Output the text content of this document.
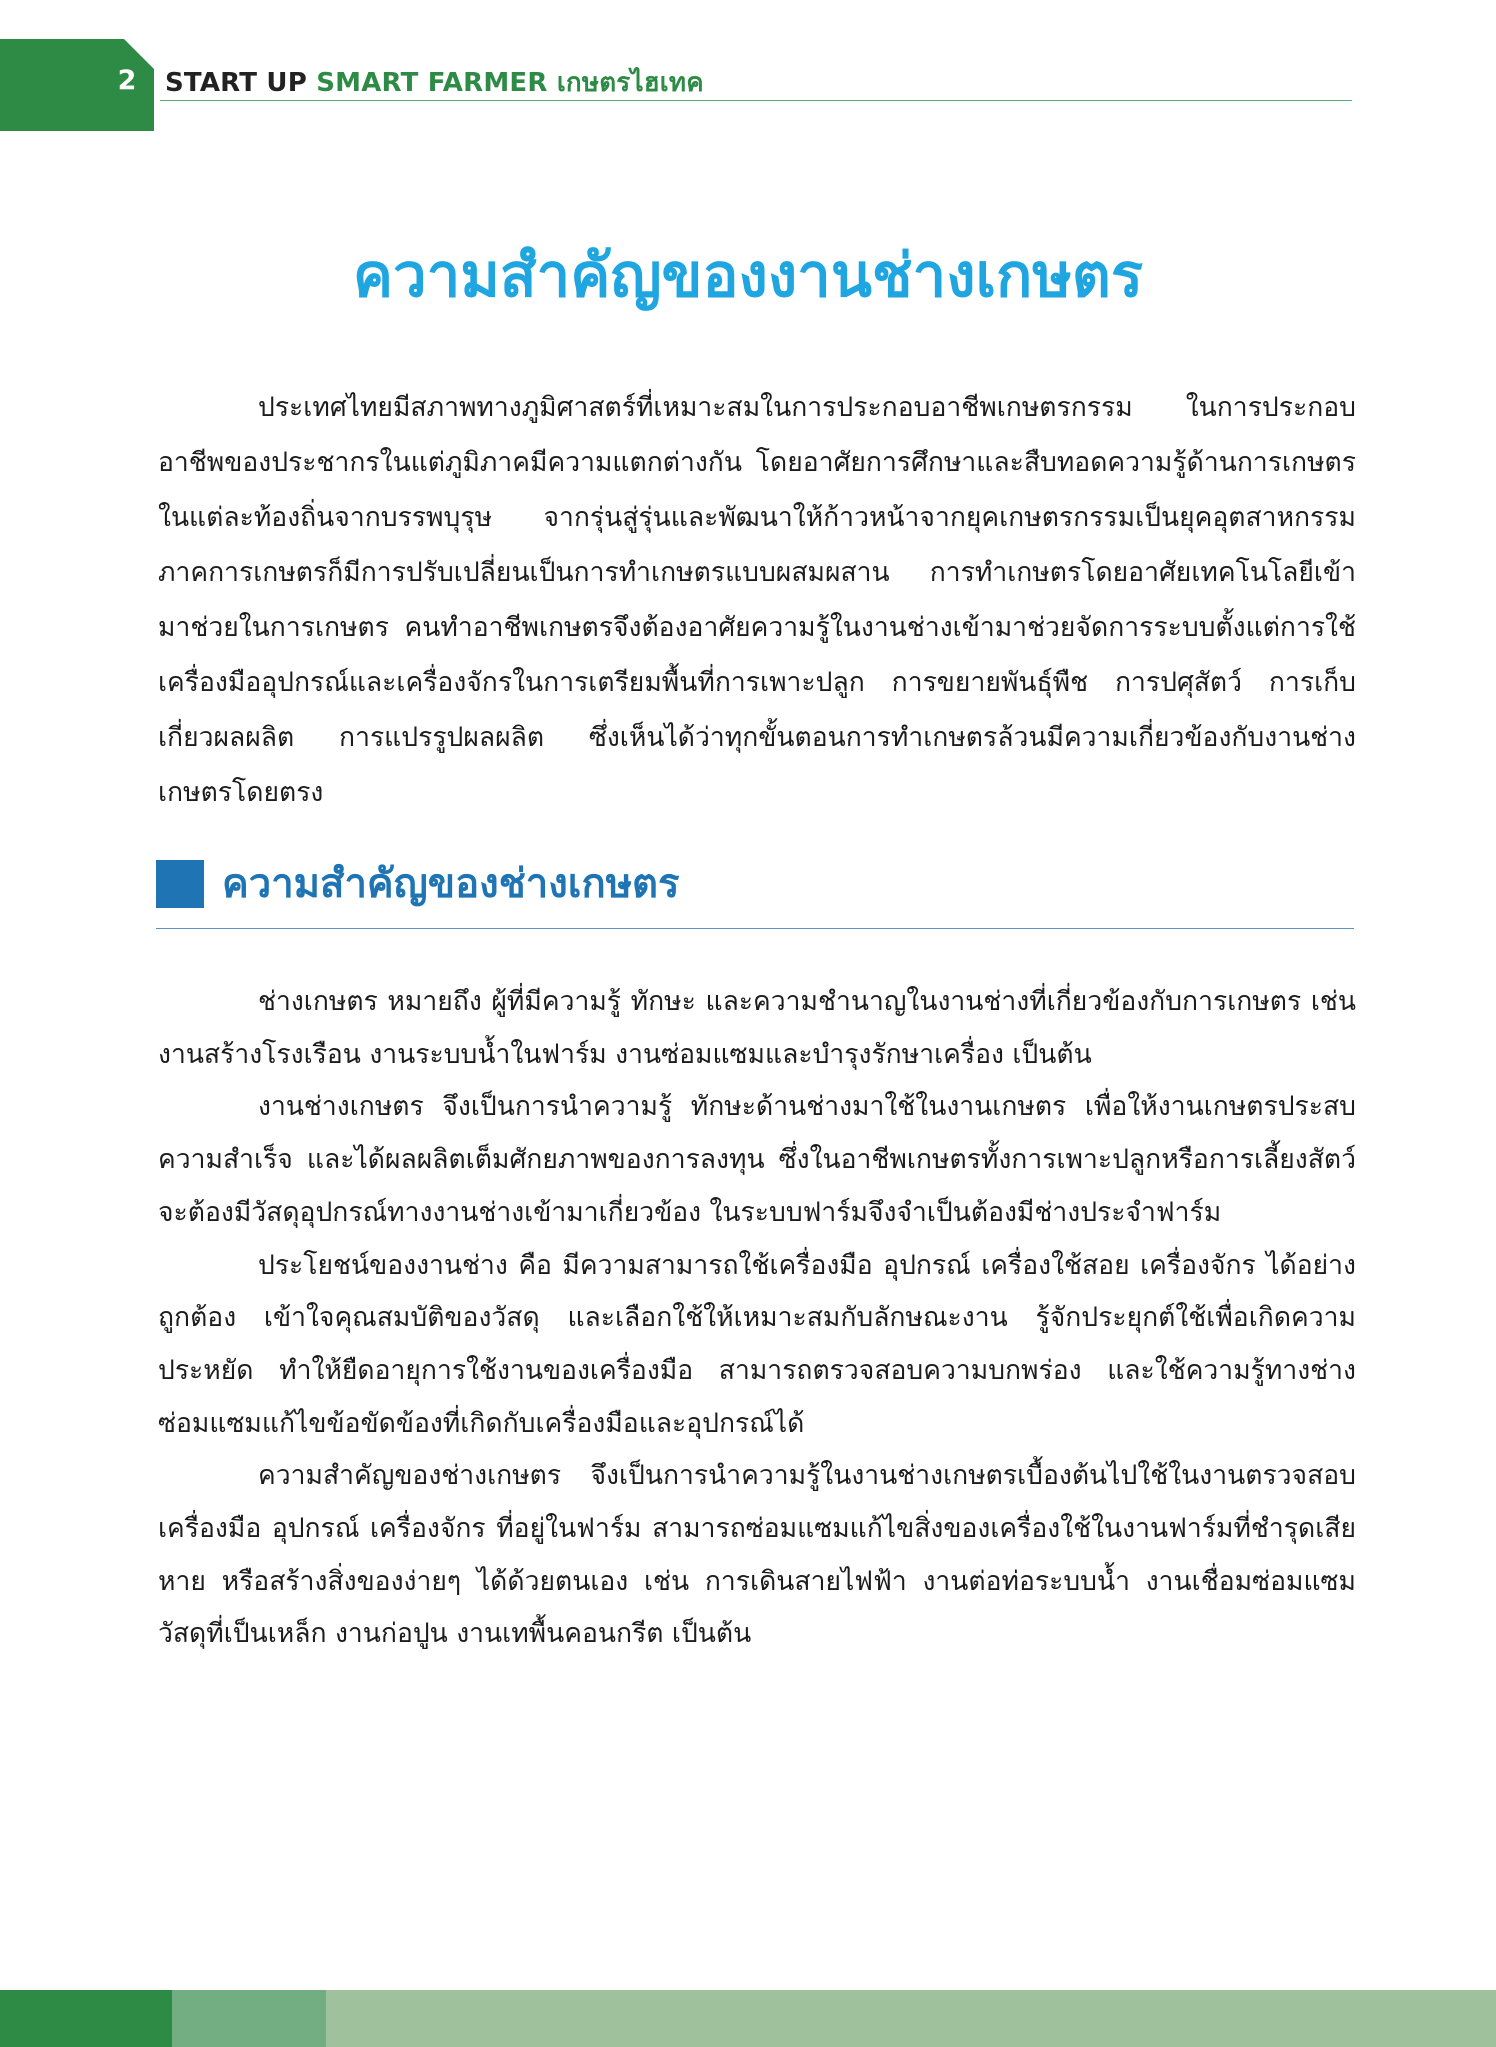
2 START UP SMART FARMER เกษตรไฮเทค
ความสำคัญของงานช่างเกษตร

ประเทศไทยมีสภาพทางภูมิศาสตร์ที่เหมาะสมในการประกอบอาชีพเกษตรกรรม ในการประกอบอาชีพของประชากรในแต่ภูมิภาคมีความแตกต่างกัน โดยอาศัยการศึกษาและสืบทอดความรู้ด้านการเกษตรในแต่ละท้องถิ่นจากบรรพบุรุษ จากรุ่นสู่รุ่นและพัฒนาให้ก้าวหน้าจากยุคเกษตรกรรมเป็นยุคอุตสาหกรรม ภาคการเกษตรก็มีการปรับเปลี่ยนเป็นการทำเกษตรแบบผสมผสาน การทำเกษตรโดยอาศัยเทคโนโลยีเข้ามาช่วยในการเกษตร คนทำอาชีพเกษตรจึงต้องอาศัยความรู้ในงานช่างเข้ามาช่วยจัดการระบบตั้งแต่การใช้เครื่องมืออุปกรณ์และเครื่องจักรในการเตรียมพื้นที่การเพาะปลูก การขยายพันธุ์พืช การปศุสัตว์ การเก็บเกี่ยวผลผลิต การแปรรูปผลผลิต ซึ่งเห็นได้ว่าทุกขั้นตอนการทำเกษตรล้วนมีความเกี่ยวข้องกับงานช่างเกษตรโดยตรง

ความสำคัญของช่างเกษตร

ช่างเกษตร หมายถึง ผู้ที่มีความรู้ ทักษะ และความชำนาญในงานช่างที่เกี่ยวข้องกับการเกษตร เช่น งานสร้างโรงเรือน งานระบบน้ำในฟาร์ม งานซ่อมแซมและบำรุงรักษาเครื่อง เป็นต้น

งานช่างเกษตร จึงเป็นการนำความรู้ ทักษะด้านช่างมาใช้ในงานเกษตร เพื่อให้งานเกษตรประสบความสำเร็จ และได้ผลผลิตเต็มศักยภาพของการลงทุน ซึ่งในอาชีพเกษตรทั้งการเพาะปลูกหรือการเลี้ยงสัตว์จะต้องมีวัสดุอุปกรณ์ทางงานช่างเข้ามาเกี่ยวข้อง ในระบบฟาร์มจึงจำเป็นต้องมีช่างประจำฟาร์ม

ประโยชน์ของงานช่าง คือ มีความสามารถใช้เครื่องมือ อุปกรณ์ เครื่องใช้สอย เครื่องจักร ได้อย่างถูกต้อง เข้าใจคุณสมบัติของวัสดุ และเลือกใช้ให้เหมาะสมกับลักษณะงาน รู้จักประยุกต์ใช้เพื่อเกิดความประหยัด ทำให้ยืดอายุการใช้งานของเครื่องมือ สามารถตรวจสอบความบกพร่อง และใช้ความรู้ทางช่างซ่อมแซมแก้ไขข้อขัดข้องที่เกิดกับเครื่องมือและอุปกรณ์ได้

ความสำคัญของช่างเกษตร จึงเป็นการนำความรู้ในงานช่างเกษตรเบื้องต้นไปใช้ในงานตรวจสอบเครื่องมือ อุปกรณ์ เครื่องจักร ที่อยู่ในฟาร์ม สามารถซ่อมแซมแก้ไขสิ่งของเครื่องใช้ในงานฟาร์มที่ชำรุดเสียหาย หรือสร้างสิ่งของง่ายๆ ได้ด้วยตนเอง เช่น การเดินสายไฟฟ้า งานต่อท่อระบบน้ำ งานเชื่อมซ่อมแซมวัสดุที่เป็นเหล็ก งานก่อปูน งานเทพื้นคอนกรีต เป็นต้น
